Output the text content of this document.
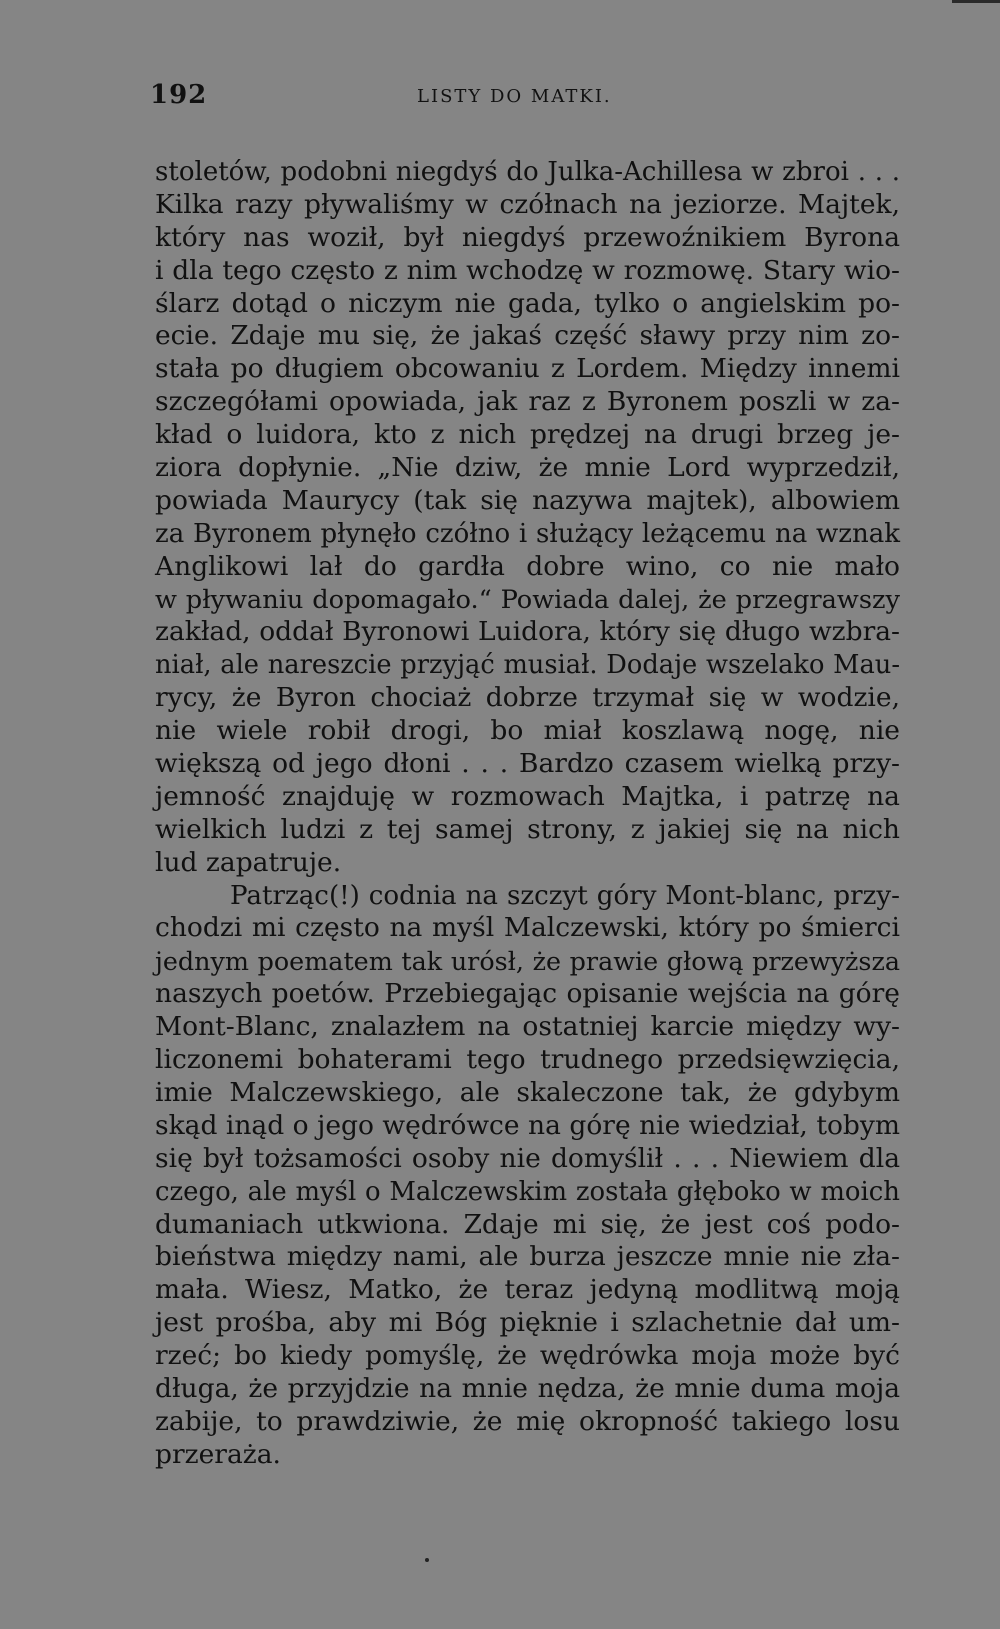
192	LISTY DO MATKI.
stoletów, podobni niegdyś do Julka-Achillesa w zbroi . . .
Kilka razy pływaliśmy w czółnach na jeziorze. Majtek,
który nas woził, był niegdyś przewoźnikiem Byrona
i dla tego często z nim wchodzę w rozmowę. Stary wio-
ślarz dotąd o niczym nie gada, tylko o angielskim po-
ecie. Zdaje mu się, że jakaś część sławy przy nim zo-
stała po długiem obcowaniu z Lordem. Między innemi
szczegółami opowiada, jak raz z Byronem poszli w za-
kład o luidora, kto z nich prędzej na drugi brzeg je-
ziora dopłynie. „Nie dziw, że mnie Lord wyprzedził,
powiada Maurycy (tak się nazywa majtek), albowiem
za Byronem płynęło czółno i służący leżącemu na wznak
Anglikowi lał do gardła dobre wino, co nie mało
w pływaniu dopomagało.“ Powiada dalej, że przegrawszy
zakład, oddał Byronowi Luidora, który się długo wzbra-
niał, ale nareszcie przyjąć musiał. Dodaje wszelako Mau-
rycy, że Byron chociaż dobrze trzymał się w wodzie,
nie wiele robił drogi, bo miał koszlawą nogę, nie
większą od jego dłoni . . . Bardzo czasem wielką przy-
jemność znajduję w rozmowach Majtka, i patrzę na
wielkich ludzi z tej samej strony, z jakiej się na nich
lud zapatruje.
Patrząc(!) codnia na szczyt góry Mont-blanc, przy-
chodzi mi często na myśl Malczewski, który po śmierci
jednym poematem tak urósł, że prawie głową przewyższa
naszych poetów. Przebiegając opisanie wejścia na górę
Mont-Blanc, znalazłem na ostatniej karcie między wy-
liczonemi bohaterami tego trudnego przedsięwzięcia,
imie Malczewskiego, ale skaleczone tak, że gdybym
skąd inąd o jego wędrówce na górę nie wiedział, tobym
się był tożsamości osoby nie domyślił . . . Niewiem dla
czego, ale myśl o Malczewskim została głęboko w moich
dumaniach utkwiona. Zdaje mi się, że jest coś podo-
bieństwa między nami, ale burza jeszcze mnie nie zła-
mała. Wiesz, Matko, że teraz jedyną modlitwą moją
jest prośba, aby mi Bóg pięknie i szlachetnie dał um-
rzeć; bo kiedy pomyślę, że wędrówka moja może być
długa, że przyjdzie na mnie nędza, że mnie duma moja
zabije, to prawdziwie, że mię okropność takiego losu
przeraża.
